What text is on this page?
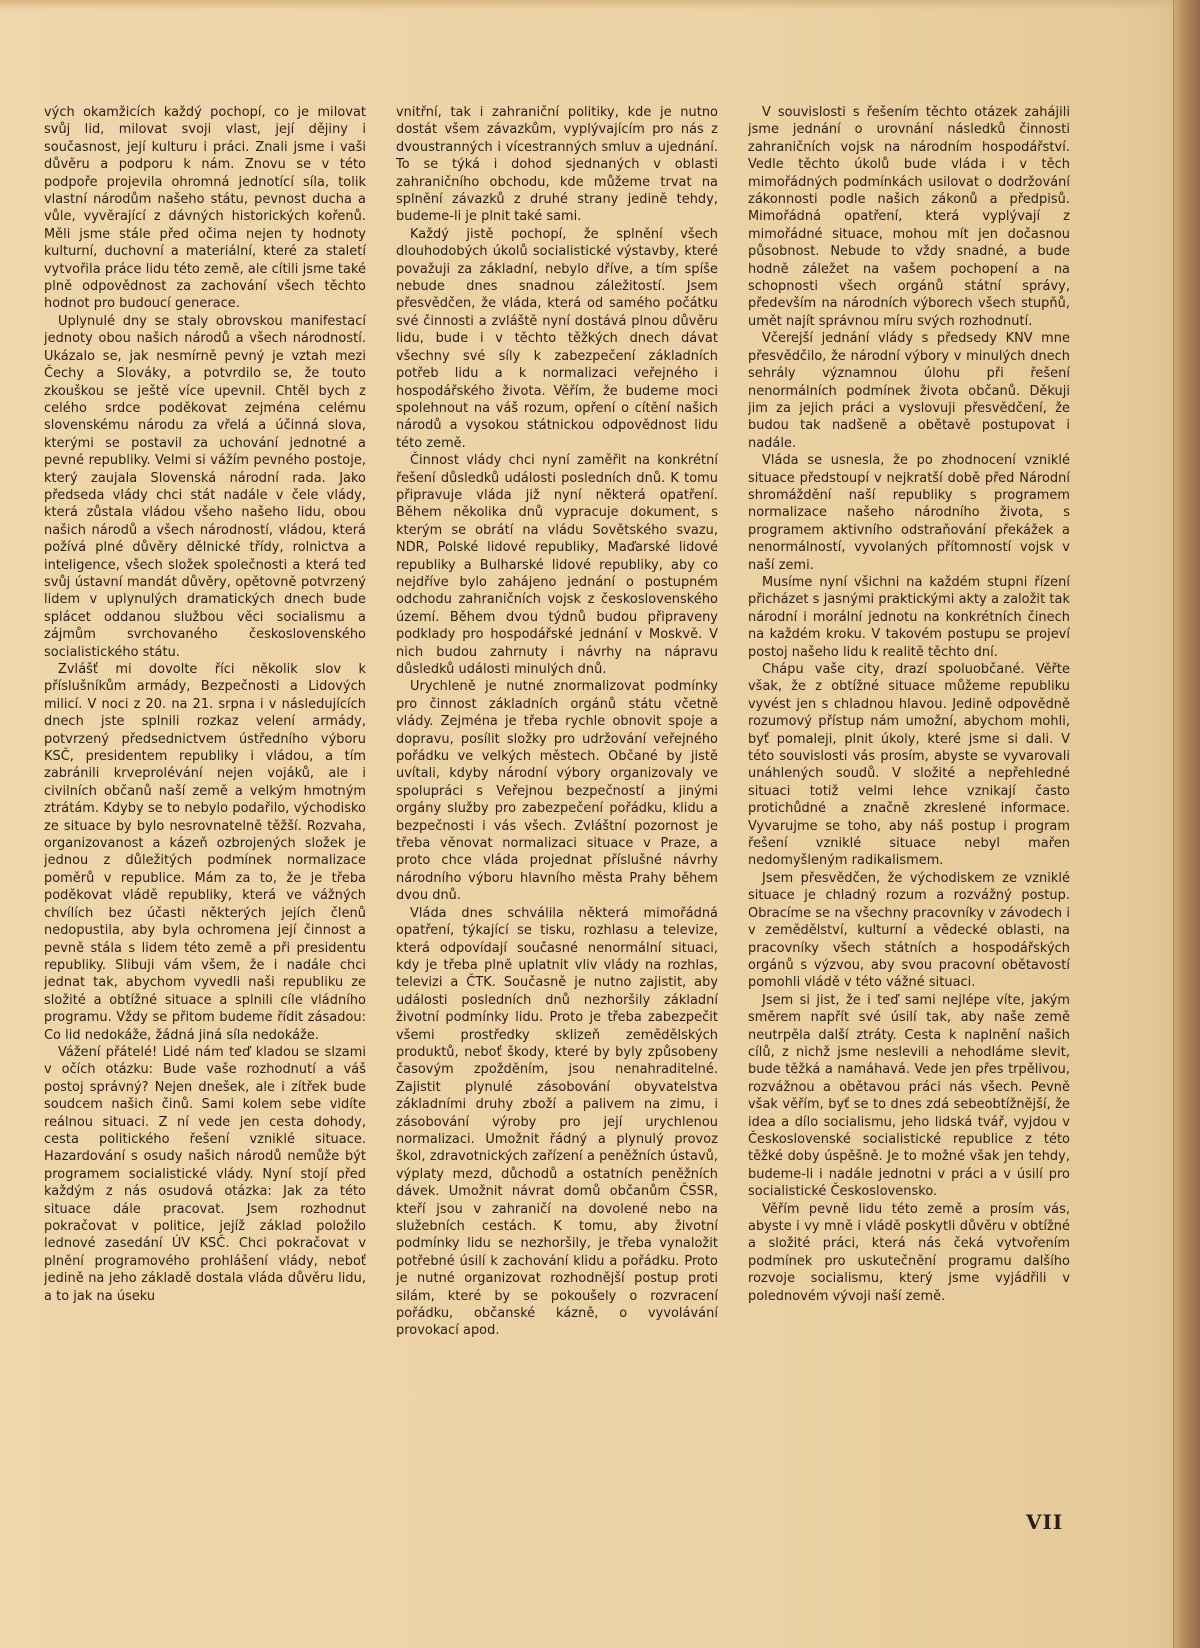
vých okamžicích každý pochopí, co je milovat svůj lid, milovat svoji vlast, její dějiny i současnost, její kulturu i práci. Znali jsme i vaši důvěru a podporu k nám. Znovu se v této podpoře projevila ohromná jednotící síla, tolik vlastní národům našeho státu, pevnost ducha a vůle, vyvěrající z dávných historických kořenů. Měli jsme stále před očima nejen ty hodnoty kulturní, duchovní a materiální, které za staletí vytvořila práce lidu této země, ale cítili jsme také plně odpovědnost za zachování všech těchto hodnot pro budoucí generace.

Uplynulé dny se staly obrovskou manifestací jednoty obou našich národů a všech národností. Ukázalo se, jak nesmírně pevný je vztah mezi Čechy a Slováky, a potvrdilo se, že touto zkouškou se ještě více upevnil. Chtěl bych z celého srdce poděkovat zejména celému slovenskému národu za vřelá a účinná slova, kterými se postavil za uchování jednotné a pevné republiky. Velmi si vážím pevného postoje, který zaujala Slovenská národní rada. Jako předseda vlády chci stát nadále v čele vlády, která zůstala vládou všeho našeho lidu, obou našich národů a všech národností, vládou, která požívá plné důvěry dělnické třídy, rolnictva a inteligence, všech složek společnosti a která teď svůj ústavní mandát důvěry, opětovně potvrzený lidem v uplynulých dramatických dnech bude splácet oddanou službou věci socialismu a zájmům svrchovaného československého socialistického státu.

Zvlášť mi dovolte říci několik slov k příslušníkům armády, Bezpečnosti a Lidových milicí. V noci z 20. na 21. srpna i v následujících dnech jste splnili rozkaz velení armády, potvrzený předsednictvem ústředního výboru KSČ, presidentem republiky i vládou, a tím zabránili krveprolévání nejen vojáků, ale i civilních občanů naší země a velkým hmotným ztrátám. Kdyby se to nebylo podařilo, východisko ze situace by bylo nesrovnatelně těžší. Rozvaha, organizovanost a kázeň ozbrojených složek je jednou z důležitých podmínek normalizace poměrů v republice. Mám za to, že je třeba poděkovat vládě republiky, která ve vážných chvílích bez účasti některých jejích členů nedopustila, aby byla ochromena její činnost a pevně stála s lidem této země a při presidentu republiky. Slibuji vám všem, že i nadále chci jednat tak, abychom vyvedli naši republiku ze složité a obtížné situace a splnili cíle vládního programu. Vždy se přitom budeme řídit zásadou: Co lid nedokáže, žádná jiná síla nedokáže.

Vážení přátelé! Lidé nám teď kladou se slzami v očích otázku: Bude vaše rozhodnutí a váš postoj správný? Nejen dnešek, ale i zítřek bude soudcem našich činů. Sami kolem sebe vidíte reálnou situaci. Z ní vede jen cesta dohody, cesta politického řešení vzniklé situace. Hazardování s osudy našich národů nemůže být programem socialistické vlády. Nyní stojí před každým z nás osudová otázka: Jak za této situace dále pracovat. Jsem rozhodnut pokračovat v politice, jejíž základ položilo lednové zasedání ÚV KSČ. Chci pokračovat v plnění programového prohlášení vlády, neboť jedině na jeho základě dostala vláda důvěru lidu, a to jak na úseku

vnitřní, tak i zahraniční politiky, kde je nutno dostát všem závazkům, vyplývajícím pro nás z dvoustranných i vícestranných smluv a ujednání. To se týká i dohod sjednaných v oblasti zahraničního obchodu, kde můžeme trvat na splnění závazků z druhé strany jedině tehdy, budeme-li je plnit také sami.

Každý jistě pochopí, že splnění všech dlouhodobých úkolů socialistické výstavby, které považuji za základní, nebylo dříve, a tím spíše nebude dnes snadnou záležitostí. Jsem přesvědčen, že vláda, která od samého počátku své činnosti a zvláště nyní dostává plnou důvěru lidu, bude i v těchto těžkých dnech dávat všechny své síly k zabezpečení základních potřeb lidu a k normalizaci veřejného i hospodářského života. Věřím, že budeme moci spolehnout na váš rozum, opření o cítění našich národů a vysokou státnickou odpovědnost lidu této země.

Činnost vlády chci nyní zaměřit na konkrétní řešení důsledků události posledních dnů. K tomu připravuje vláda již nyní některá opatření. Během několika dnů vypracuje dokument, s kterým se obrátí na vládu Sovětského svazu, NDR, Polské lidové republiky, Maďarské lidové republiky a Bulharské lidové republiky, aby co nejdříve bylo zahájeno jednání o postupném odchodu zahraničních vojsk z československého území. Během dvou týdnů budou připraveny podklady pro hospodářské jednání v Moskvě. V nich budou zahrnuty i návrhy na nápravu důsledků události minulých dnů.

Urychleně je nutné znormalizovat podmínky pro činnost základních orgánů státu včetně vlády. Zejména je třeba rychle obnovit spoje a dopravu, posílit složky pro udržování veřejného pořádku ve velkých městech. Občané by jistě uvítali, kdyby národní výbory organizovaly ve spolupráci s Veřejnou bezpečností a jinými orgány služby pro zabezpečení pořádku, klidu a bezpečnosti i vás všech. Zvláštní pozornost je třeba věnovat normalizaci situace v Praze, a proto chce vláda projednat příslušné návrhy národního výboru hlavního města Prahy během dvou dnů.

Vláda dnes schválila některá mimořádná opatření, týkající se tisku, rozhlasu a televize, která odpovídají současné nenormální situaci, kdy je třeba plně uplatnit vliv vlády na rozhlas, televizi a ČTK. Současně je nutno zajistit, aby události posledních dnů nezhoršily základní životní podmínky lidu. Proto je třeba zabezpečit všemi prostředky sklizeň zemědělských produktů, neboť škody, které by byly způsobeny časovým zpožděním, jsou nenahraditelné. Zajistit plynulé zásobování obyvatelstva základními druhy zboží a palivem na zimu, i zásobování výroby pro její urychlenou normalizaci. Umožnit řádný a plynulý provoz škol, zdravotnických zařízení a peněžních ústavů, výplaty mezd, důchodů a ostatních peněžních dávek. Umožnit návrat domů občanům ČSSR, kteří jsou v zahraničí na dovolené nebo na služebních cestách. K tomu, aby životní podmínky lidu se nezhoršily, je třeba vynaložit potřebné úsilí k zachování klidu a pořádku. Proto je nutné organizovat rozhodnější postup proti silám, které by se pokoušely o rozvracení pořádku, občanské kázně, o vyvolávání provokací apod.

V souvislosti s řešením těchto otázek zahájili jsme jednání o urovnání následků činnosti zahraničních vojsk na národním hospodářství. Vedle těchto úkolů bude vláda i v těch mimořádných podmínkách usilovat o dodržování zákonnosti podle našich zákonů a předpisů. Mimořádná opatření, která vyplývají z mimořádné situace, mohou mít jen dočasnou působnost. Nebude to vždy snadné, a bude hodně záležet na vašem pochopení a na schopnosti všech orgánů státní správy, především na národních výborech všech stupňů, umět najít správnou míru svých rozhodnutí.

Včerejší jednání vlády s předsedy KNV mne přesvědčilo, že národní výbory v minulých dnech sehrály významnou úlohu při řešení nenormálních podmínek života občanů. Děkuji jim za jejich práci a vyslovuji přesvědčení, že budou tak nadšeně a obětavě postupovat i nadále.

Vláda se usnesla, že po zhodnocení vzniklé situace předstoupí v nejkratší době před Národní shromáždění naší republiky s programem normalizace našeho národního života, s programem aktivního odstraňování překážek a nenormálností, vyvolaných přítomností vojsk v naší zemi.

Musíme nyní všichni na každém stupni řízení přicházet s jasnými praktickými akty a založit tak národní i morální jednotu na konkrétních činech na každém kroku. V takovém postupu se projeví postoj našeho lidu k realitě těchto dní.

Chápu vaše city, drazí spoluobčané. Věřte však, že z obtížné situace můžeme republiku vyvést jen s chladnou hlavou. Jedině odpovědně rozumový přístup nám umožní, abychom mohli, byť pomaleji, plnit úkoly, které jsme si dali. V této souvislosti vás prosím, abyste se vyvarovali unáhlených soudů. V složité a nepřehledné situaci totiž velmi lehce vznikají často protichůdné a značně zkreslené informace. Vyvarujme se toho, aby náš postup i program řešení vzniklé situace nebyl mařen nedomyšleným radikalismem.

Jsem přesvědčen, že východiskem ze vzniklé situace je chladný rozum a rozvážný postup. Obracíme se na všechny pracovníky v závodech i v zemědělství, kulturní a vědecké oblasti, na pracovníky všech státních a hospodářských orgánů s výzvou, aby svou pracovní obětavostí pomohli vládě v této vážné situaci.

Jsem si jist, že i teď sami nejlépe víte, jakým směrem napřít své úsilí tak, aby naše země neutrpěla další ztráty. Cesta k naplnění našich cílů, z nichž jsme neslevili a nehodláme slevit, bude těžká a namáhavá. Vede jen přes trpělivou, rozvážnou a obětavou práci nás všech. Pevně však věřím, byť se to dnes zdá sebeobtížnější, že idea a dílo socialismu, jeho lidská tvář, vyjdou v Československé socialistické republice z této těžké doby úspěšně. Je to možné však jen tehdy, budeme-li i nadále jednotni v práci a v úsilí pro socialistické Československo.

Věřím pevně lidu této země a prosím vás, abyste i vy mně i vládě poskytli důvěru v obtížné a složité práci, která nás čeká vytvořením podmínek pro uskutečnění programu dalšího rozvoje socialismu, který jsme vyjádřili v polednovém vývoji naší země.

VII
